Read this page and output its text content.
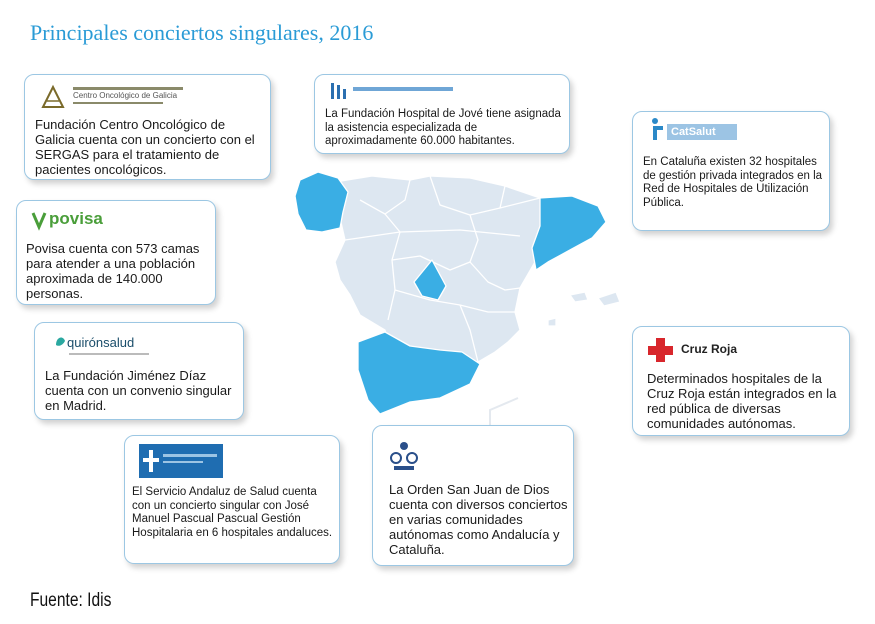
Principales conciertos singulares, 2016
Centro Oncológico de Galicia
Fundación Centro Oncológico de Galicia cuenta con un concierto con el SERGAS para el tratamiento de pacientes oncológicos.
La Fundación Hospital de Jové tiene asignada la asistencia especializada de aproximadamente 60.000 habitantes.
CatSalut
En Cataluña existen 32 hospitales de gestión privada integrados en la Red de Hospitales de Utilización Pública.
povisa
Povisa cuenta con 573 camas para atender a una población aproximada de 140.000 personas.
quirónsalud
La Fundación Jiménez Díaz cuenta con un convenio singular en Madrid.
Cruz Roja
Determinados hospitales de la Cruz Roja están integrados en la red pública de diversas comunidades autónomas.
El Servicio Andaluz de Salud cuenta con un concierto singular con José Manuel Pascual Pascual Gestión Hospitalaria en 6 hospitales andaluces.
La Orden San Juan de Dios cuenta con diversos conciertos en varias comunidades autónomas como Andalucía y Cataluña.
Fuente: Idis
